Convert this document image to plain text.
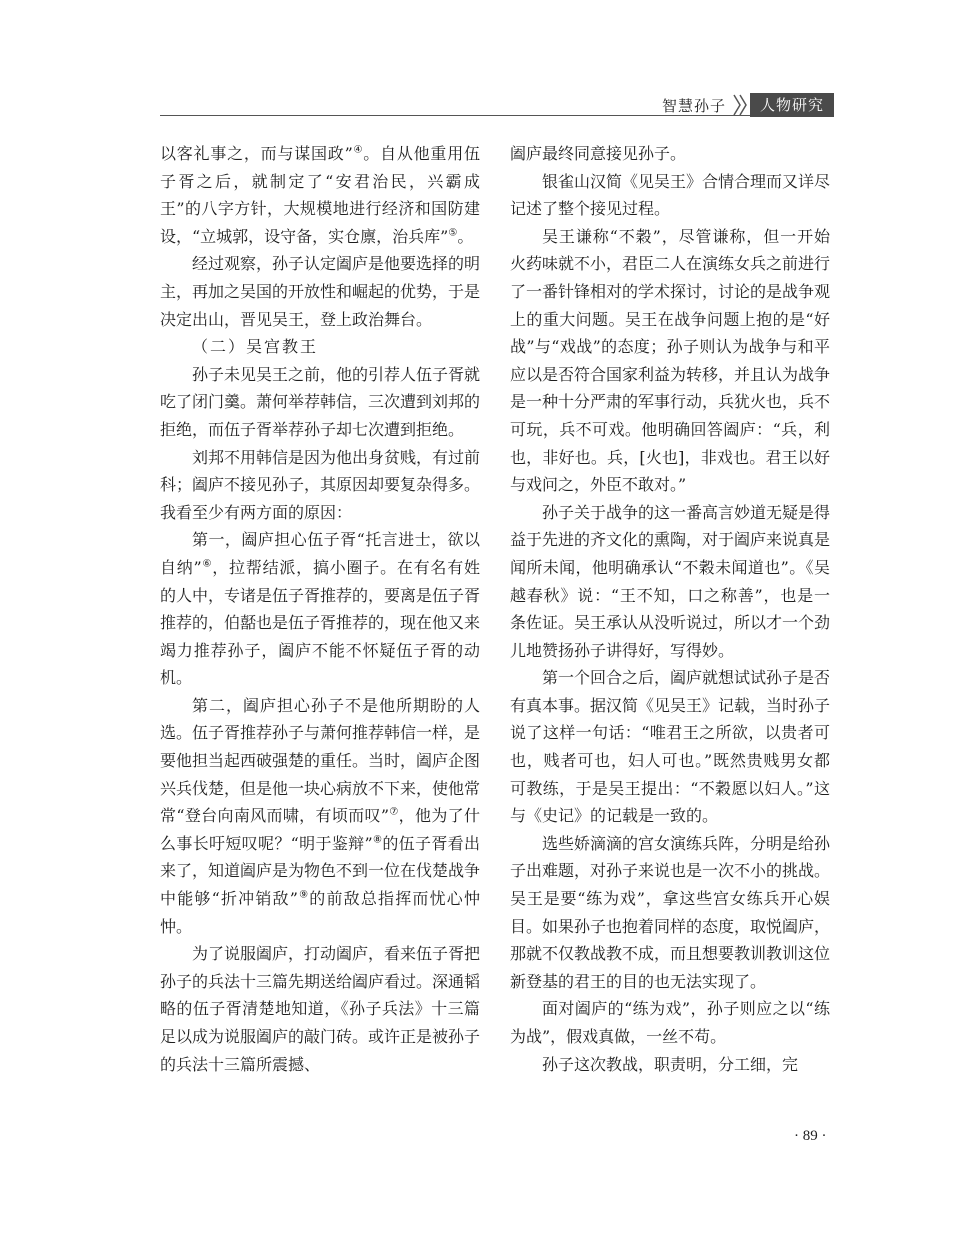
智慧孙子	人物研究

以客礼事之，而与谋国政”④。自从他重用伍子胥之后，就制定了“安君治民，兴霸成王”的八字方针，大规模地进行经济和国防建设，“立城郭，设守备，实仓廪，治兵库”⑤。

经过观察，孙子认定阖庐是他要选择的明主，再加之吴国的开放性和崛起的优势，于是决定出山，晋见吴王，登上政治舞台。

（二）吴宫教王

孙子未见吴王之前，他的引荐人伍子胥就吃了闭门羹。萧何举荐韩信，三次遭到刘邦的拒绝，而伍子胥举荐孙子却七次遭到拒绝。

刘邦不用韩信是因为他出身贫贱，有过前科；阖庐不接见孙子，其原因却要复杂得多。我看至少有两方面的原因：

第一，阖庐担心伍子胥“托言进士，欲以自纳”⑥，拉帮结派，搞小圈子。在有名有姓的人中，专诸是伍子胥推荐的，要离是伍子胥推荐的，伯嚭也是伍子胥推荐的，现在他又来竭力推荐孙子，阖庐不能不怀疑伍子胥的动机。

第二，阖庐担心孙子不是他所期盼的人选。伍子胥推荐孙子与萧何推荐韩信一样，是要他担当起西破强楚的重任。当时，阖庐企图兴兵伐楚，但是他一块心病放不下来，使他常常“登台向南风而啸，有顷而叹”⑦，他为了什么事长吁短叹呢？“明于鉴辩”⑧的伍子胥看出来了，知道阖庐是为物色不到一位在伐楚战争中能够“折冲销敌”⑨的前敌总指挥而忧心忡忡。

为了说服阖庐，打动阖庐，看来伍子胥把孙子的兵法十三篇先期送给阖庐看过。深通韬略的伍子胥清楚地知道，《孙子兵法》十三篇足以成为说服阖庐的敲门砖。或许正是被孙子的兵法十三篇所震撼、

阖庐最终同意接见孙子。

银雀山汉简《见吴王》合情合理而又详尽记述了整个接见过程。

吴王谦称“不穀”，尽管谦称，但一开始火药味就不小，君臣二人在演练女兵之前进行了一番针锋相对的学术探讨，讨论的是战争观上的重大问题。吴王在战争问题上抱的是“好战”与“戏战”的态度；孙子则认为战争与和平应以是否符合国家利益为转移，并且认为战争是一种十分严肃的军事行动，兵犹火也，兵不可玩，兵不可戏。他明确回答阖庐：“兵，利也，非好也。兵，[火也]，非戏也。君王以好与戏问之，外臣不敢对。”

孙子关于战争的这一番高言妙道无疑是得益于先进的齐文化的熏陶，对于阖庐来说真是闻所未闻，他明确承认“不穀未闻道也”。《吴越春秋》说：“王不知，口之称善”，也是一条佐证。吴王承认从没听说过，所以才一个劲儿地赞扬孙子讲得好，写得妙。

第一个回合之后，阖庐就想试试孙子是否有真本事。据汉简《见吴王》记载，当时孙子说了这样一句话：“唯君王之所欲，以贵者可也，贱者可也，妇人可也。”既然贵贱男女都可教练，于是吴王提出：“不穀愿以妇人。”这与《史记》的记载是一致的。

选些娇滴滴的宫女演练兵阵，分明是给孙子出难题，对孙子来说也是一次不小的挑战。吴王是要“练为戏”，拿这些宫女练兵开心娱目。如果孙子也抱着同样的态度，取悦阖庐，那就不仅教战教不成，而且想要教训教训这位新登基的君王的目的也无法实现了。

面对阖庐的“练为戏”，孙子则应之以“练为战”，假戏真做，一丝不苟。

孙子这次教战，职责明，分工细，完

· 89 ·
